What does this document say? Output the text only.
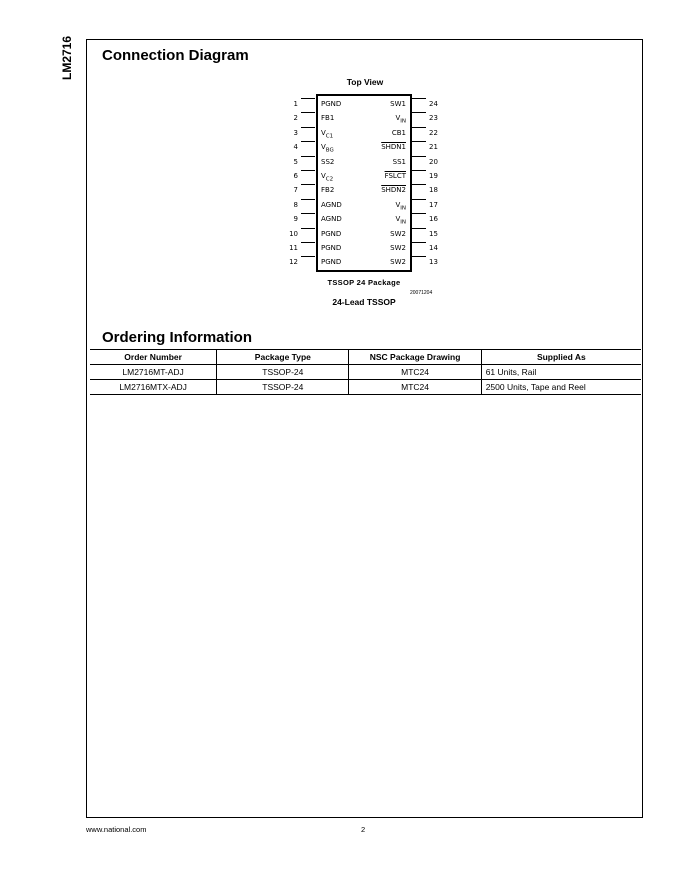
LM2716 Connection Diagram
Top View
1	PGND
2	FB1
3	$V_{C1}$
4	$V_{BG}$
5	SS2
6	$V_{C2}$
7	FB2
8	AGND
9	AGND
10	PGND
11	PGND
12	PGND
SW1	24
$V_{IN}$	23
CB1	22
SHDN1	21
SS1	20
FSLCT	19
SHDN2	18
$V_{IN}$	17
$V_{IN}$	16
SW2	15
SW2	14
SW2	13
TSSOP 24 Package
20071204
24-Lead TSSOP
Ordering Information
Order Number	Package Type	NSC Package Drawing	Supplied As
LM2716MT-ADJ	TSSOP-24	MTC24	61 Units, Rail
LM2716MTX-ADJ	TSSOP-24	MTC24	2500 Units, Tape and Reel
www.national.com	2
